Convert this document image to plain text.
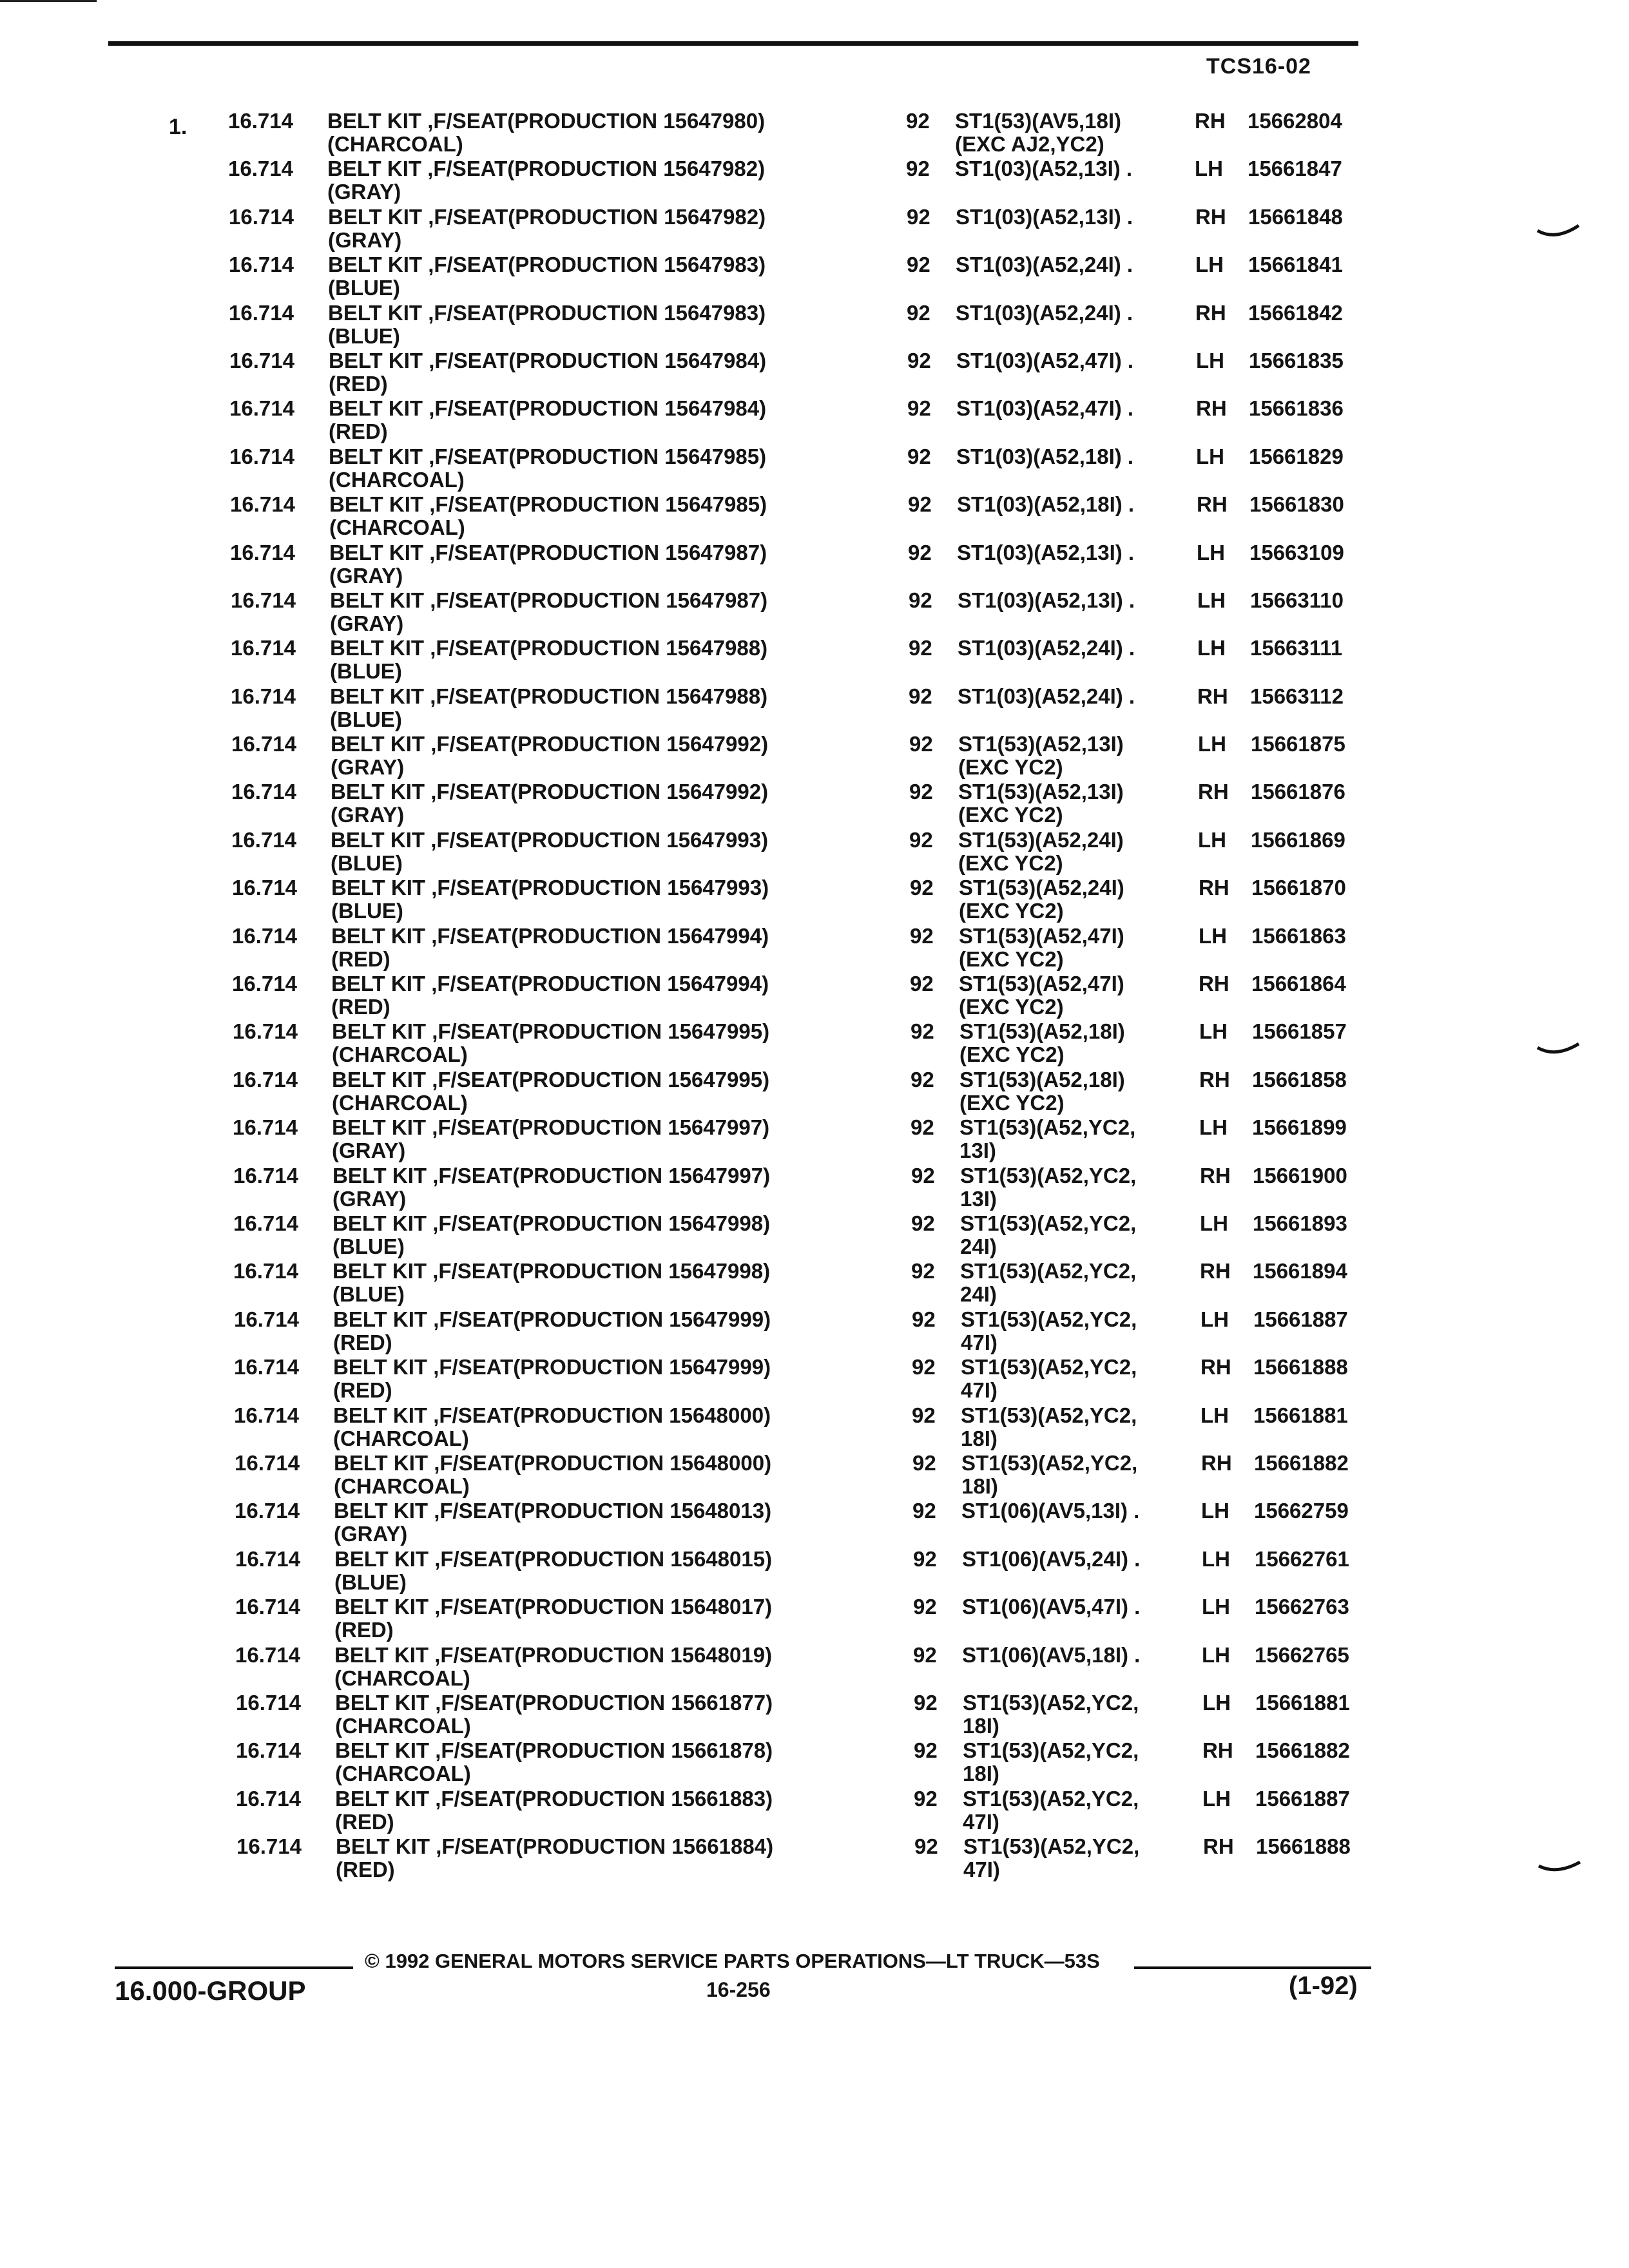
TCS16-02
1. 16.714	BELT KIT ,F/SEAT(PRODUCTION 15647980)
(CHARCOAL)
92 ST1(53)(AV5,18I)
(EXC AJ2,YC2)
RH 15662804
16.714	BELT KIT ,F/SEAT(PRODUCTION 15647982)
(GRAY)
92 ST1(03)(A52,13I) .	LH 15661847
16.714	BELT KIT ,F/SEAT(PRODUCTION 15647982)
(GRAY)
92 ST1(03)(A52,13I) .	RH 15661848
16.714	BELT KIT ,F/SEAT(PRODUCTION 15647983)
(BLUE)
92 ST1(03)(A52,24I) .	LH 15661841
16.714	BELT KIT ,F/SEAT(PRODUCTION 15647983)
(BLUE)
92 ST1(03)(A52,24I) .	RH 15661842
16.714	BELT KIT ,F/SEAT(PRODUCTION 15647984)
(RED)
92 ST1(03)(A52,47I) .	LH 15661835
16.714	BELT KIT ,F/SEAT(PRODUCTION 15647984)
(RED)
92 ST1(03)(A52,47I) .	RH 15661836
16.714	BELT KIT ,F/SEAT(PRODUCTION 15647985)
(CHARCOAL)
92 ST1(03)(A52,18I) .	LH 15661829
16.714	BELT KIT ,F/SEAT(PRODUCTION 15647985)
(CHARCOAL)
92 ST1(03)(A52,18I) .	RH 15661830
16.714	BELT KIT ,F/SEAT(PRODUCTION 15647987)
(GRAY)
92 ST1(03)(A52,13I) .	LH 15663109
16.714	BELT KIT ,F/SEAT(PRODUCTION 15647987)
(GRAY)
92 ST1(03)(A52,13I) .	LH 15663110
16.714	BELT KIT ,F/SEAT(PRODUCTION 15647988)
(BLUE)
92 ST1(03)(A52,24I) .	LH 15663111
16.714	BELT KIT ,F/SEAT(PRODUCTION 15647988)
(BLUE)
92 ST1(03)(A52,24I) .	RH 15663112
16.714	BELT KIT ,F/SEAT(PRODUCTION 15647992)
(GRAY)
92 ST1(53)(A52,13I)
(EXC YC2)
LH 15661875
16.714	BELT KIT ,F/SEAT(PRODUCTION 15647992)
(GRAY)
92 ST1(53)(A52,13I)
(EXC YC2)
RH 15661876
16.714	BELT KIT ,F/SEAT(PRODUCTION 15647993)
(BLUE)
92 ST1(53)(A52,24I)
(EXC YC2)
LH 15661869
16.714	BELT KIT ,F/SEAT(PRODUCTION 15647993)
(BLUE)
92 ST1(53)(A52,24I)
(EXC YC2)
RH 15661870
16.714	BELT KIT ,F/SEAT(PRODUCTION 15647994)
(RED)
92 ST1(53)(A52,47I)
(EXC YC2)
LH 15661863
16.714	BELT KIT ,F/SEAT(PRODUCTION 15647994)
(RED)
92 ST1(53)(A52,47I)
(EXC YC2)
RH 15661864
16.714	BELT KIT ,F/SEAT(PRODUCTION 15647995)
(CHARCOAL)
92 ST1(53)(A52,18I)
(EXC YC2)
LH 15661857
16.714	BELT KIT ,F/SEAT(PRODUCTION 15647995)
(CHARCOAL)
92 ST1(53)(A52,18I)
(EXC YC2)
RH 15661858
16.714	BELT KIT ,F/SEAT(PRODUCTION 15647997)
(GRAY)
92 ST1(53)(A52,YC2,
13I)
LH 15661899
16.714	BELT KIT ,F/SEAT(PRODUCTION 15647997)
(GRAY)
92 ST1(53)(A52,YC2,
13I)
RH 15661900
16.714	BELT KIT ,F/SEAT(PRODUCTION 15647998)
(BLUE)
92 ST1(53)(A52,YC2,
24I)
LH 15661893
16.714	BELT KIT ,F/SEAT(PRODUCTION 15647998)
(BLUE)
92 ST1(53)(A52,YC2,
24I)
RH 15661894
16.714	BELT KIT ,F/SEAT(PRODUCTION 15647999)
(RED)
92 ST1(53)(A52,YC2,
47I)
LH 15661887
16.714	BELT KIT ,F/SEAT(PRODUCTION 15647999)
(RED)
92 ST1(53)(A52,YC2,
47I)
RH 15661888
16.714	BELT KIT ,F/SEAT(PRODUCTION 15648000)
(CHARCOAL)
92 ST1(53)(A52,YC2,
18I)
LH 15661881
16.714	BELT KIT ,F/SEAT(PRODUCTION 15648000)
(CHARCOAL)
92 ST1(53)(A52,YC2,
18I)
RH 15661882
16.714	BELT KIT ,F/SEAT(PRODUCTION 15648013)
(GRAY)
92 ST1(06)(AV5,13I) .	LH 15662759
16.714	BELT KIT ,F/SEAT(PRODUCTION 15648015)
(BLUE)
92 ST1(06)(AV5,24I) .	LH 15662761
16.714	BELT KIT ,F/SEAT(PRODUCTION 15648017)
(RED)
92 ST1(06)(AV5,47I) .	LH 15662763
16.714	BELT KIT ,F/SEAT(PRODUCTION 15648019)
(CHARCOAL)
92 ST1(06)(AV5,18I) .	LH 15662765
16.714	BELT KIT ,F/SEAT(PRODUCTION 15661877)
(CHARCOAL)
92 ST1(53)(A52,YC2,
18I)
LH 15661881
16.714	BELT KIT ,F/SEAT(PRODUCTION 15661878)
(CHARCOAL)
92 ST1(53)(A52,YC2,
18I)
RH 15661882
16.714	BELT KIT ,F/SEAT(PRODUCTION 15661883)
(RED)
92 ST1(53)(A52,YC2,
47I)
LH 15661887
16.714	BELT KIT ,F/SEAT(PRODUCTION 15661884)
(RED)
92 ST1(53)(A52,YC2,
47I)
RH 15661888
© 1992 GENERAL MOTORS SERVICE PARTS OPERATIONS—LT TRUCK—53S
16.000-GROUP	16-256	(1-92)
